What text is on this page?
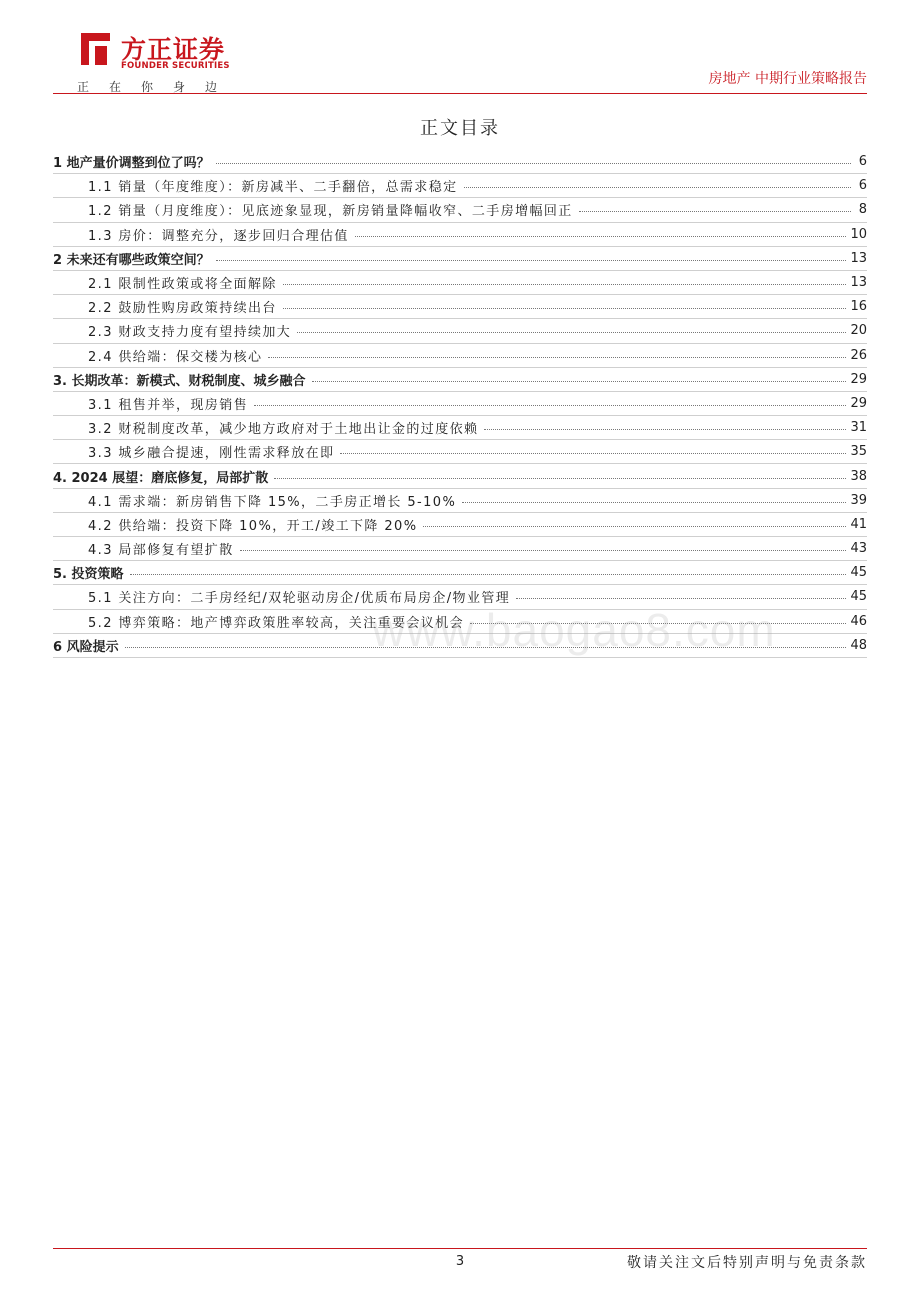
方正证券
FOUNDER SECURITIES
正在你身边	房地产 中期行业策略报告
正文目录
1 地产量价调整到位了吗？	6
1.1 销量（年度维度）：新房减半、二手翻倍，总需求稳定	6
1.2 销量（月度维度）：见底迹象显现，新房销量降幅收窄、二手房增幅回正	8
1.3 房价：调整充分，逐步回归合理估值	10
2 未来还有哪些政策空间？	13
2.1 限制性政策或将全面解除	13
2.2 鼓励性购房政策持续出台	16
2.3 财政支持力度有望持续加大	20
2.4 供给端：保交楼为核心	26
3. 长期改革：新模式、财税制度、城乡融合	29
3.1 租售并举，现房销售	29
3.2 财税制度改革，减少地方政府对于土地出让金的过度依赖	31
3.3 城乡融合提速，刚性需求释放在即	35
4. 2024 展望：磨底修复，局部扩散	38
4.1 需求端：新房销售下降 15%，二手房正增长 5-10%	39
4.2 供给端：投资下降 10%，开工/竣工下降 20%	41
4.3 局部修复有望扩散	43
5. 投资策略	45
5.1 关注方向：二手房经纪/双轮驱动房企/优质布局房企/物业管理	45
5.2 博弈策略：地产博弈政策胜率较高，关注重要会议机会	46
6 风险提示	48
www.baogao8.com
3	敬请关注文后特别声明与免责条款
